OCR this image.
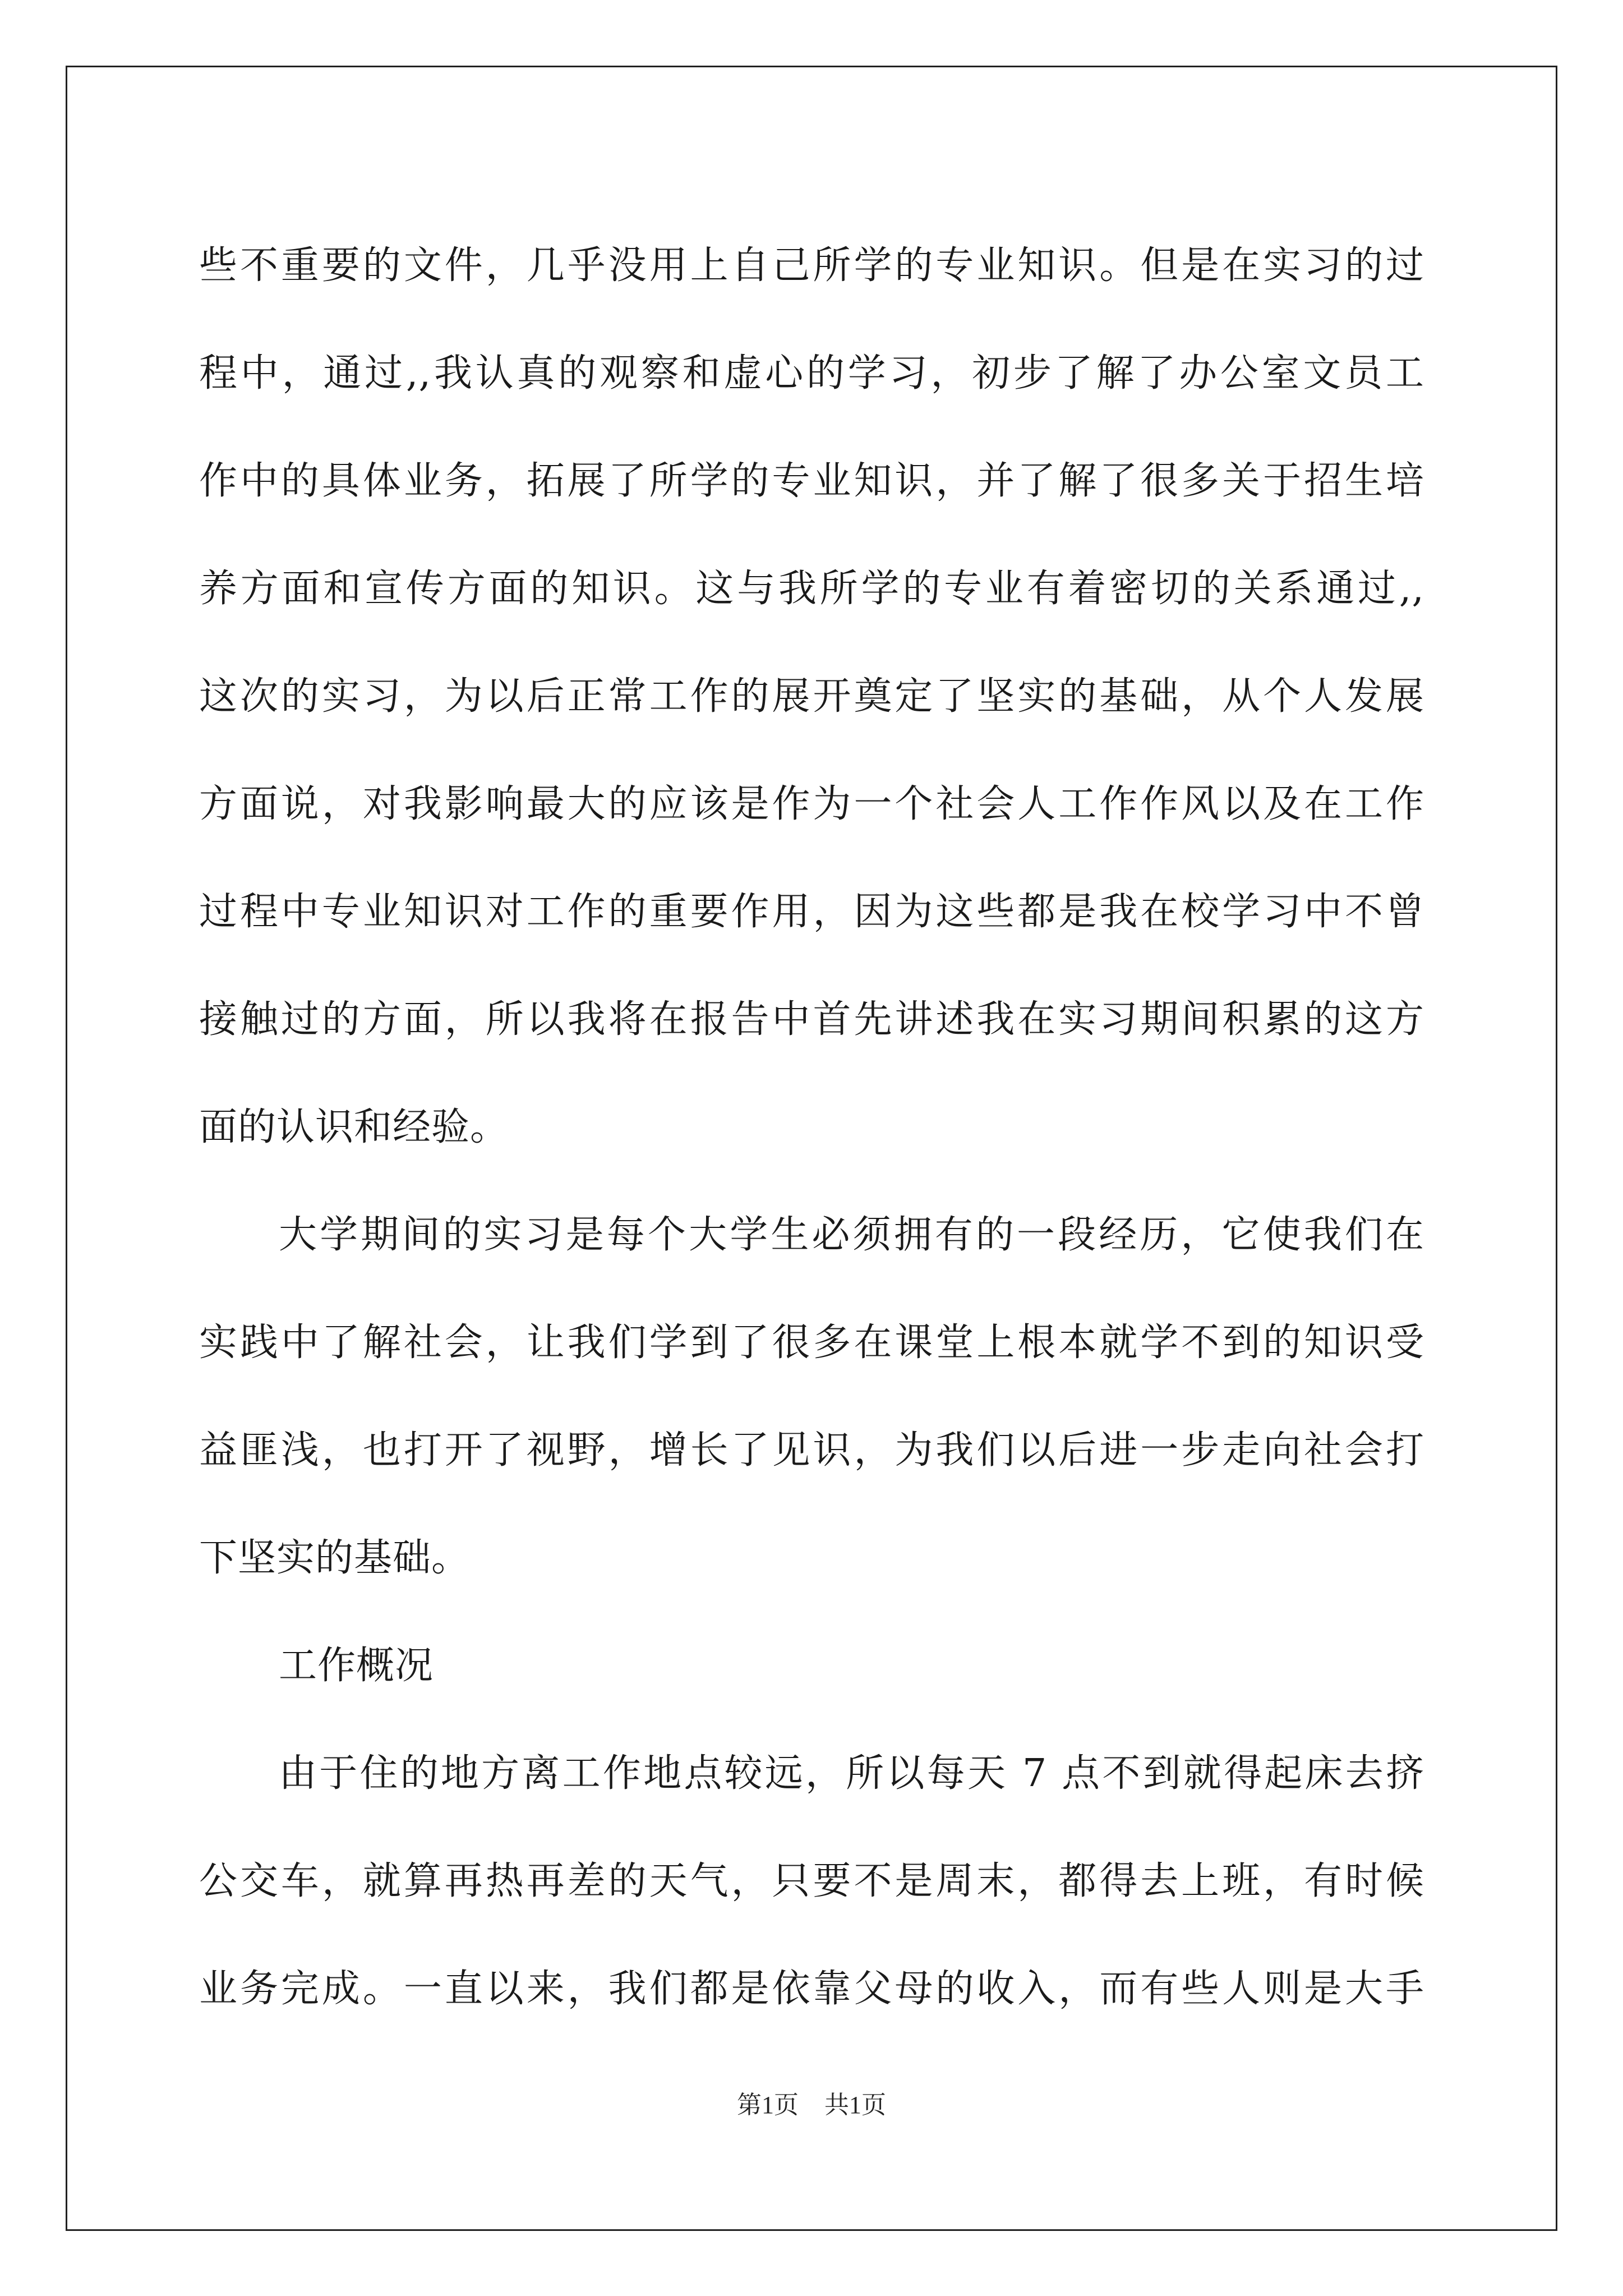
些不重要的文件，几乎没用上自己所学的专业知识。但是在实习的过
程中，通过,,我认真的观察和虚心的学习，初步了解了办公室文员工
作中的具体业务，拓展了所学的专业知识，并了解了很多关于招生培
养方面和宣传方面的知识。这与我所学的专业有着密切的关系通过,,
这次的实习，为以后正常工作的展开奠定了坚实的基础，从个人发展
方面说，对我影响最大的应该是作为一个社会人工作作风以及在工作
过程中专业知识对工作的重要作用，因为这些都是我在校学习中不曾
接触过的方面，所以我将在报告中首先讲述我在实习期间积累的这方
面的认识和经验。
大学期间的实习是每个大学生必须拥有的一段经历，它使我们在
实践中了解社会，让我们学到了很多在课堂上根本就学不到的知识受
益匪浅，也打开了视野，增长了见识，为我们以后进一步走向社会打
下坚实的基础。
工作概况
由于住的地方离工作地点较远，所以每天 7 点不到就得起床去挤
公交车，就算再热再差的天气，只要不是周末，都得去上班，有时候
业务完成。一直以来，我们都是依靠父母的收入，而有些人则是大手
第1页 共1页
